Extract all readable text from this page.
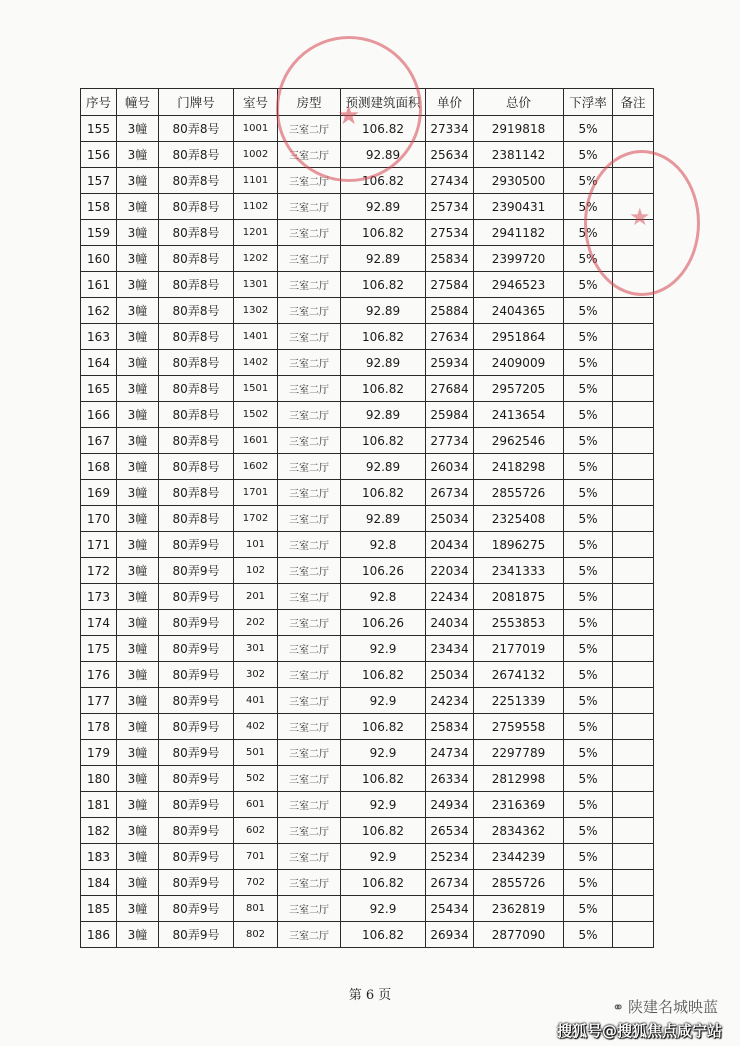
序号	幢号	门牌号	室号	房型	预测建筑面积	单价	总价	下浮率	备注
155	3幢	80弄8号	1001	三室二厅	106.82	27334	2919818	5%	
156	3幢	80弄8号	1002	三室二厅	92.89	25634	2381142	5%	
157	3幢	80弄8号	1101	三室二厅	106.82	27434	2930500	5%	
158	3幢	80弄8号	1102	三室二厅	92.89	25734	2390431	5%	
159	3幢	80弄8号	1201	三室二厅	106.82	27534	2941182	5%	
160	3幢	80弄8号	1202	三室二厅	92.89	25834	2399720	5%	
161	3幢	80弄8号	1301	三室二厅	106.82	27584	2946523	5%	
162	3幢	80弄8号	1302	三室二厅	92.89	25884	2404365	5%	
163	3幢	80弄8号	1401	三室二厅	106.82	27634	2951864	5%	
164	3幢	80弄8号	1402	三室二厅	92.89	25934	2409009	5%	
165	3幢	80弄8号	1501	三室二厅	106.82	27684	2957205	5%	
166	3幢	80弄8号	1502	三室二厅	92.89	25984	2413654	5%	
167	3幢	80弄8号	1601	三室二厅	106.82	27734	2962546	5%	
168	3幢	80弄8号	1602	三室二厅	92.89	26034	2418298	5%	
169	3幢	80弄8号	1701	三室二厅	106.82	26734	2855726	5%	
170	3幢	80弄8号	1702	三室二厅	92.89	25034	2325408	5%	
171	3幢	80弄9号	101	三室二厅	92.8	20434	1896275	5%	
172	3幢	80弄9号	102	三室二厅	106.26	22034	2341333	5%	
173	3幢	80弄9号	201	三室二厅	92.8	22434	2081875	5%	
174	3幢	80弄9号	202	三室二厅	106.26	24034	2553853	5%	
175	3幢	80弄9号	301	三室二厅	92.9	23434	2177019	5%	
176	3幢	80弄9号	302	三室二厅	106.82	25034	2674132	5%	
177	3幢	80弄9号	401	三室二厅	92.9	24234	2251339	5%	
178	3幢	80弄9号	402	三室二厅	106.82	25834	2759558	5%	
179	3幢	80弄9号	501	三室二厅	92.9	24734	2297789	5%	
180	3幢	80弄9号	502	三室二厅	106.82	26334	2812998	5%	
181	3幢	80弄9号	601	三室二厅	92.9	24934	2316369	5%	
182	3幢	80弄9号	602	三室二厅	106.82	26534	2834362	5%	
183	3幢	80弄9号	701	三室二厅	92.9	25234	2344239	5%	
184	3幢	80弄9号	702	三室二厅	106.82	26734	2855726	5%	
185	3幢	80弄9号	801	三室二厅	92.9	25434	2362819	5%	
186	3幢	80弄9号	802	三室二厅	106.82	26934	2877090	5%	
★
★
第 6 页
⚭ 陕建名城映蓝
搜狐号@搜狐焦点咸宁站
